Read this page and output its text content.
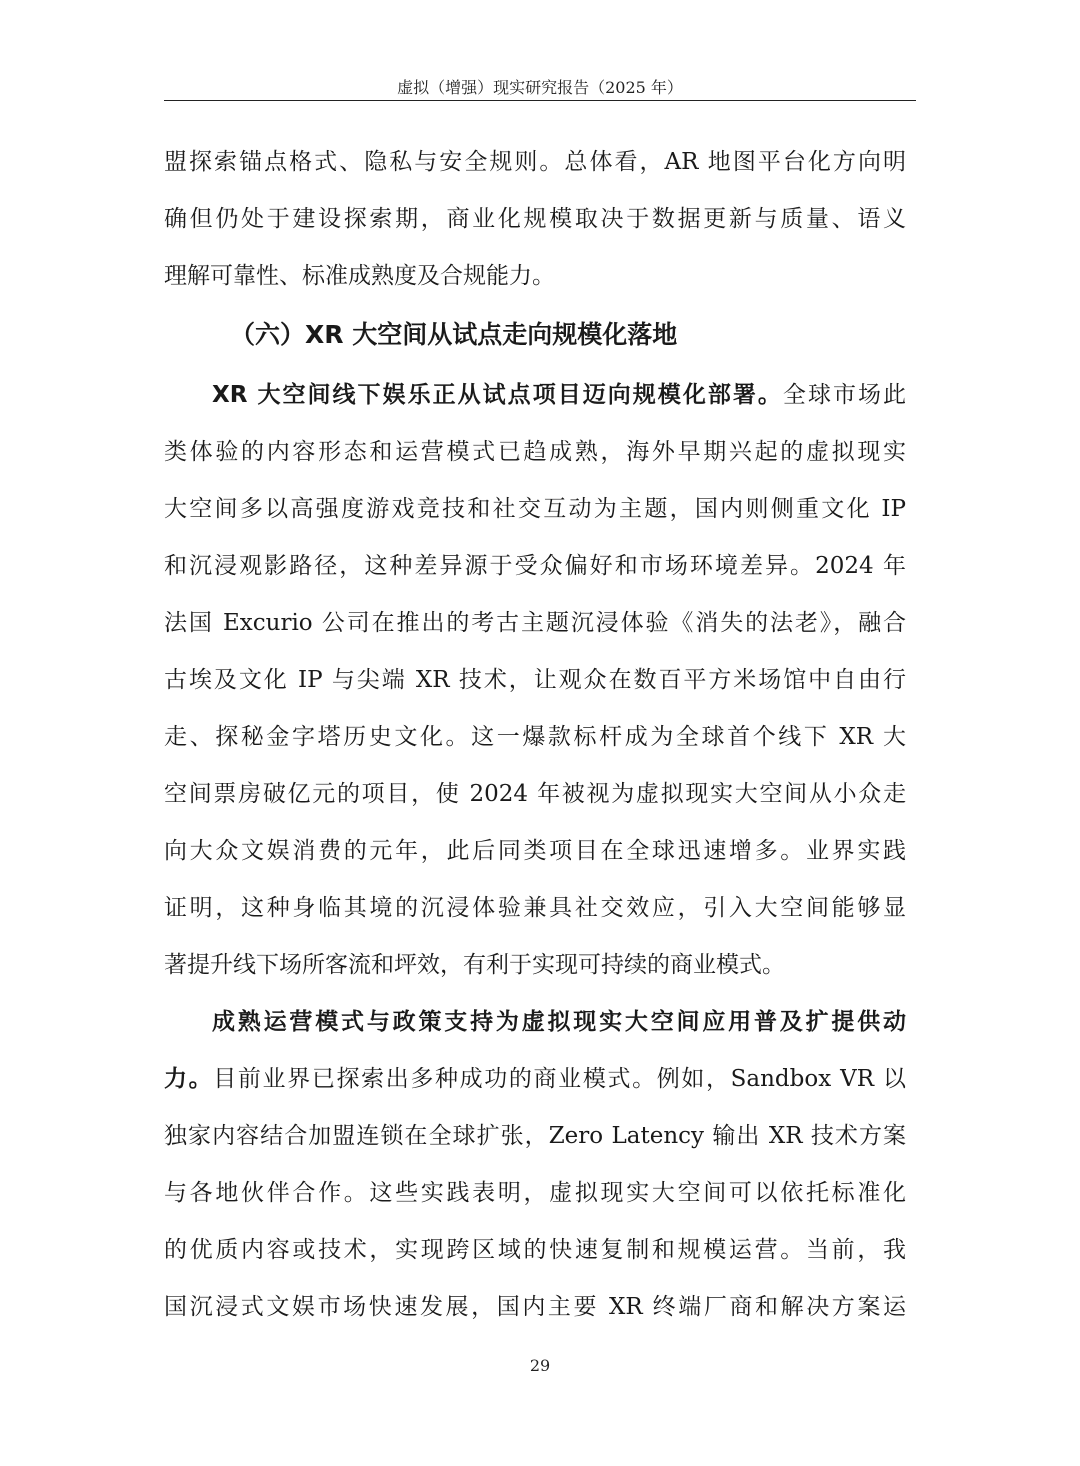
虚拟（增强）现实研究报告（2025 年）
盟探索锚点格式、隐私与安全规则。总体看，AR 地图平台化方向明
确但仍处于建设探索期，商业化规模取决于数据更新与质量、语义
理解可靠性、标准成熟度及合规能力。
（六）XR 大空间从试点走向规模化落地
XR 大空间线下娱乐正从试点项目迈向规模化部署。全球市场此
类体验的内容形态和运营模式已趋成熟，海外早期兴起的虚拟现实
大空间多以高强度游戏竞技和社交互动为主题，国内则侧重文化 IP
和沉浸观影路径，这种差异源于受众偏好和市场环境差异。2024 年
法国 Excurio 公司在推出的考古主题沉浸体验《消失的法老》，融合
古埃及文化 IP 与尖端 XR 技术，让观众在数百平方米场馆中自由行
走、探秘金字塔历史文化。这一爆款标杆成为全球首个线下 XR 大
空间票房破亿元的项目，使 2024 年被视为虚拟现实大空间从小众走
向大众文娱消费的元年，此后同类项目在全球迅速增多。业界实践
证明，这种身临其境的沉浸体验兼具社交效应，引入大空间能够显
著提升线下场所客流和坪效，有利于实现可持续的商业模式。
成熟运营模式与政策支持为虚拟现实大空间应用普及扩提供动
力。目前业界已探索出多种成功的商业模式。例如，Sandbox VR 以
独家内容结合加盟连锁在全球扩张，Zero Latency 输出 XR 技术方案
与各地伙伴合作。这些实践表明，虚拟现实大空间可以依托标准化
的优质内容或技术，实现跨区域的快速复制和规模运营。当前，我
国沉浸式文娱市场快速发展，国内主要 XR 终端厂商和解决方案运
29
